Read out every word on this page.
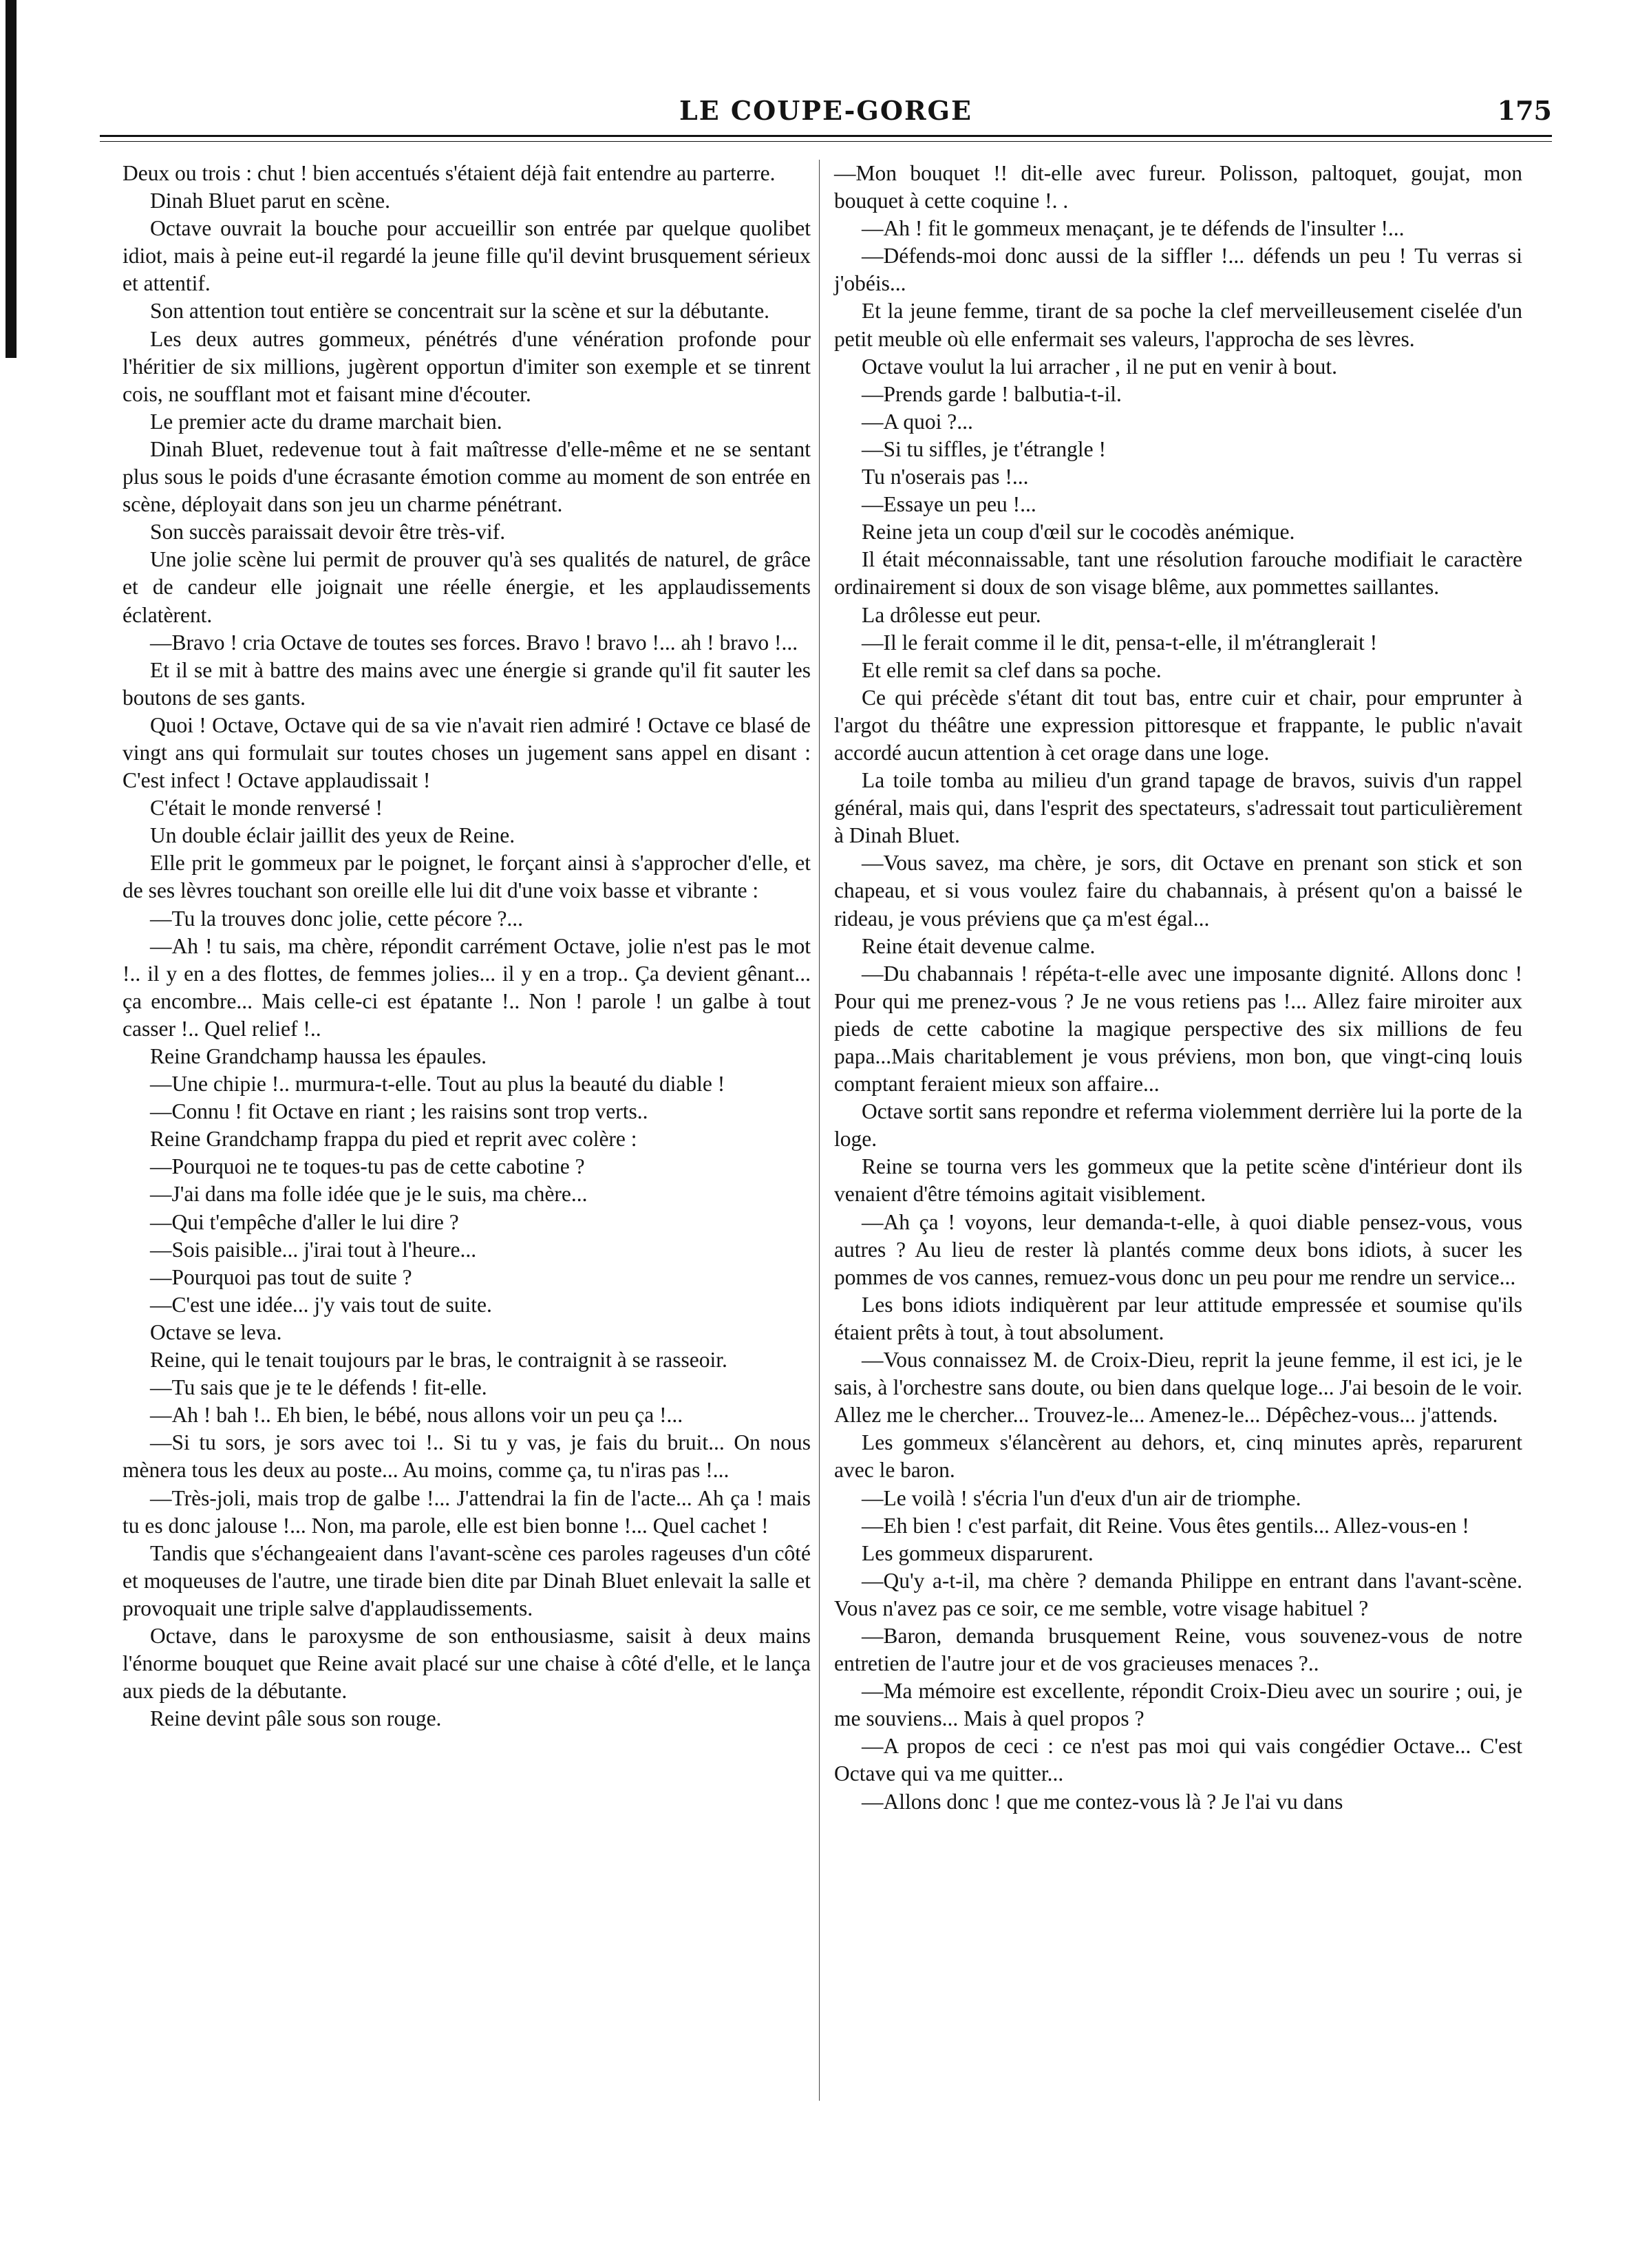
LE COUPE-GORGE	175

Deux ou trois : chut ! bien accentués s'étaient déjà fait entendre au parterre.

Dinah Bluet parut en scène.

Octave ouvrait la bouche pour accueillir son entrée par quelque quolibet idiot, mais à peine eut-il regardé la jeune fille qu'il devint brusquement sérieux et attentif.

Son attention tout entière se concentrait sur la scène et sur la débutante.

Les deux autres gommeux, pénétrés d'une vénération profonde pour l'héritier de six millions, jugèrent opportun d'imiter son exemple et se tinrent cois, ne soufflant mot et faisant mine d'écouter.

Le premier acte du drame marchait bien.

Dinah Bluet, redevenue tout à fait maîtresse d'elle-même et ne se sentant plus sous le poids d'une écrasante émotion comme au moment de son entrée en scène, déployait dans son jeu un charme pénétrant.

Son succès paraissait devoir être très-vif.

Une jolie scène lui permit de prouver qu'à ses qualités de naturel, de grâce et de candeur elle joignait une réelle énergie, et les applaudissements éclatèrent.

—Bravo ! cria Octave de toutes ses forces. Bravo ! bravo !... ah ! bravo !...

Et il se mit à battre des mains avec une énergie si grande qu'il fit sauter les boutons de ses gants.

Quoi ! Octave, Octave qui de sa vie n'avait rien admiré ! Octave ce blasé de vingt ans qui formulait sur toutes choses un jugement sans appel en disant : C'est infect ! Octave applaudissait !

C'était le monde renversé !

Un double éclair jaillit des yeux de Reine.

Elle prit le gommeux par le poignet, le forçant ainsi à s'approcher d'elle, et de ses lèvres touchant son oreille elle lui dit d'une voix basse et vibrante :

—Tu la trouves donc jolie, cette pécore ?...

—Ah ! tu sais, ma chère, répondit carrément Octave, jolie n'est pas le mot !.. il y en a des flottes, de femmes jolies... il y en a trop.. Ça devient gênant... ça encombre... Mais celle-ci est épatante !.. Non ! parole ! un galbe à tout casser !.. Quel relief !..

Reine Grandchamp haussa les épaules.

—Une chipie !.. murmura-t-elle. Tout au plus la beauté du diable !

—Connu ! fit Octave en riant ; les raisins sont trop verts..

Reine Grandchamp frappa du pied et reprit avec colère :

—Pourquoi ne te toques-tu pas de cette cabotine ?

—J'ai dans ma folle idée que je le suis, ma chère...

—Qui t'empêche d'aller le lui dire ?

—Sois paisible... j'irai tout à l'heure...

—Pourquoi pas tout de suite ?

—C'est une idée... j'y vais tout de suite.

Octave se leva.

Reine, qui le tenait toujours par le bras, le contraignit à se rasseoir.

—Tu sais que je te le défends ! fit-elle.

—Ah ! bah !.. Eh bien, le bébé, nous allons voir un peu ça !...

—Si tu sors, je sors avec toi !.. Si tu y vas, je fais du bruit... On nous mènera tous les deux au poste... Au moins, comme ça, tu n'iras pas !...

—Très-joli, mais trop de galbe !... J'attendrai la fin de l'acte... Ah ça ! mais tu es donc jalouse !... Non, ma parole, elle est bien bonne !... Quel cachet !

Tandis que s'échangeaient dans l'avant-scène ces paroles rageuses d'un côté et moqueuses de l'autre, une tirade bien dite par Dinah Bluet enlevait la salle et provoquait une triple salve d'applaudissements.

Octave, dans le paroxysme de son enthousiasme, saisit à deux mains l'énorme bouquet que Reine avait placé sur une chaise à côté d'elle, et le lança aux pieds de la débutante.

Reine devint pâle sous son rouge.

—Mon bouquet !! dit-elle avec fureur. Polisson, paltoquet, goujat, mon bouquet à cette coquine !. .

—Ah ! fit le gommeux menaçant, je te défends de l'insulter !...

—Défends-moi donc aussi de la siffler !... défends un peu ! Tu verras si j'obéis...

Et la jeune femme, tirant de sa poche la clef merveilleusement ciselée d'un petit meuble où elle enfermait ses valeurs, l'approcha de ses lèvres.

Octave voulut la lui arracher , il ne put en venir à bout.

—Prends garde ! balbutia-t-il.

—A quoi ?...

—Si tu siffles, je t'étrangle !

Tu n'oserais pas !...

—Essaye un peu !...

Reine jeta un coup d'œil sur le cocodès anémique.

Il était méconnaissable, tant une résolution farouche modifiait le caractère ordinairement si doux de son visage blême, aux pommettes saillantes.

La drôlesse eut peur.

—Il le ferait comme il le dit, pensa-t-elle, il m'étranglerait !

Et elle remit sa clef dans sa poche.

Ce qui précède s'étant dit tout bas, entre cuir et chair, pour emprunter à l'argot du théâtre une expression pittoresque et frappante, le public n'avait accordé aucun attention à cet orage dans une loge.

La toile tomba au milieu d'un grand tapage de bravos, suivis d'un rappel général, mais qui, dans l'esprit des spectateurs, s'adressait tout particulièrement à Dinah Bluet.

—Vous savez, ma chère, je sors, dit Octave en prenant son stick et son chapeau, et si vous voulez faire du chabannais, à présent qu'on a baissé le rideau, je vous préviens que ça m'est égal...

Reine était devenue calme.

—Du chabannais ! répéta-t-elle avec une imposante dignité. Allons donc ! Pour qui me prenez-vous ? Je ne vous retiens pas !... Allez faire miroiter aux pieds de cette cabotine la magique perspective des six millions de feu papa...Mais charitablement je vous préviens, mon bon, que vingt-cinq louis comptant feraient mieux son affaire...

Octave sortit sans repondre et referma violemment derrière lui la porte de la loge.

Reine se tourna vers les gommeux que la petite scène d'intérieur dont ils venaient d'être témoins agitait visiblement.

—Ah ça ! voyons, leur demanda-t-elle, à quoi diable pensez-vous, vous autres ? Au lieu de rester là plantés comme deux bons idiots, à sucer les pommes de vos cannes, remuez-vous donc un peu pour me rendre un service...

Les bons idiots indiquèrent par leur attitude empressée et soumise qu'ils étaient prêts à tout, à tout absolument.

—Vous connaissez M. de Croix-Dieu, reprit la jeune femme, il est ici, je le sais, à l'orchestre sans doute, ou bien dans quelque loge... J'ai besoin de le voir. Allez me le chercher... Trouvez-le... Amenez-le... Dépêchez-vous... j'attends.

Les gommeux s'élancèrent au dehors, et, cinq minutes après, reparurent avec le baron.

—Le voilà ! s'écria l'un d'eux d'un air de triomphe.

—Eh bien ! c'est parfait, dit Reine. Vous êtes gentils... Allez-vous-en !

Les gommeux disparurent.

—Qu'y a-t-il, ma chère ? demanda Philippe en entrant dans l'avant-scène. Vous n'avez pas ce soir, ce me semble, votre visage habituel ?

—Baron, demanda brusquement Reine, vous souvenez-vous de notre entretien de l'autre jour et de vos gracieuses menaces ?..

—Ma mémoire est excellente, répondit Croix-Dieu avec un sourire ; oui, je me souviens... Mais à quel propos ?

—A propos de ceci : ce n'est pas moi qui vais congédier Octave... C'est Octave qui va me quitter...

—Allons donc ! que me contez-vous là ? Je l'ai vu dans
